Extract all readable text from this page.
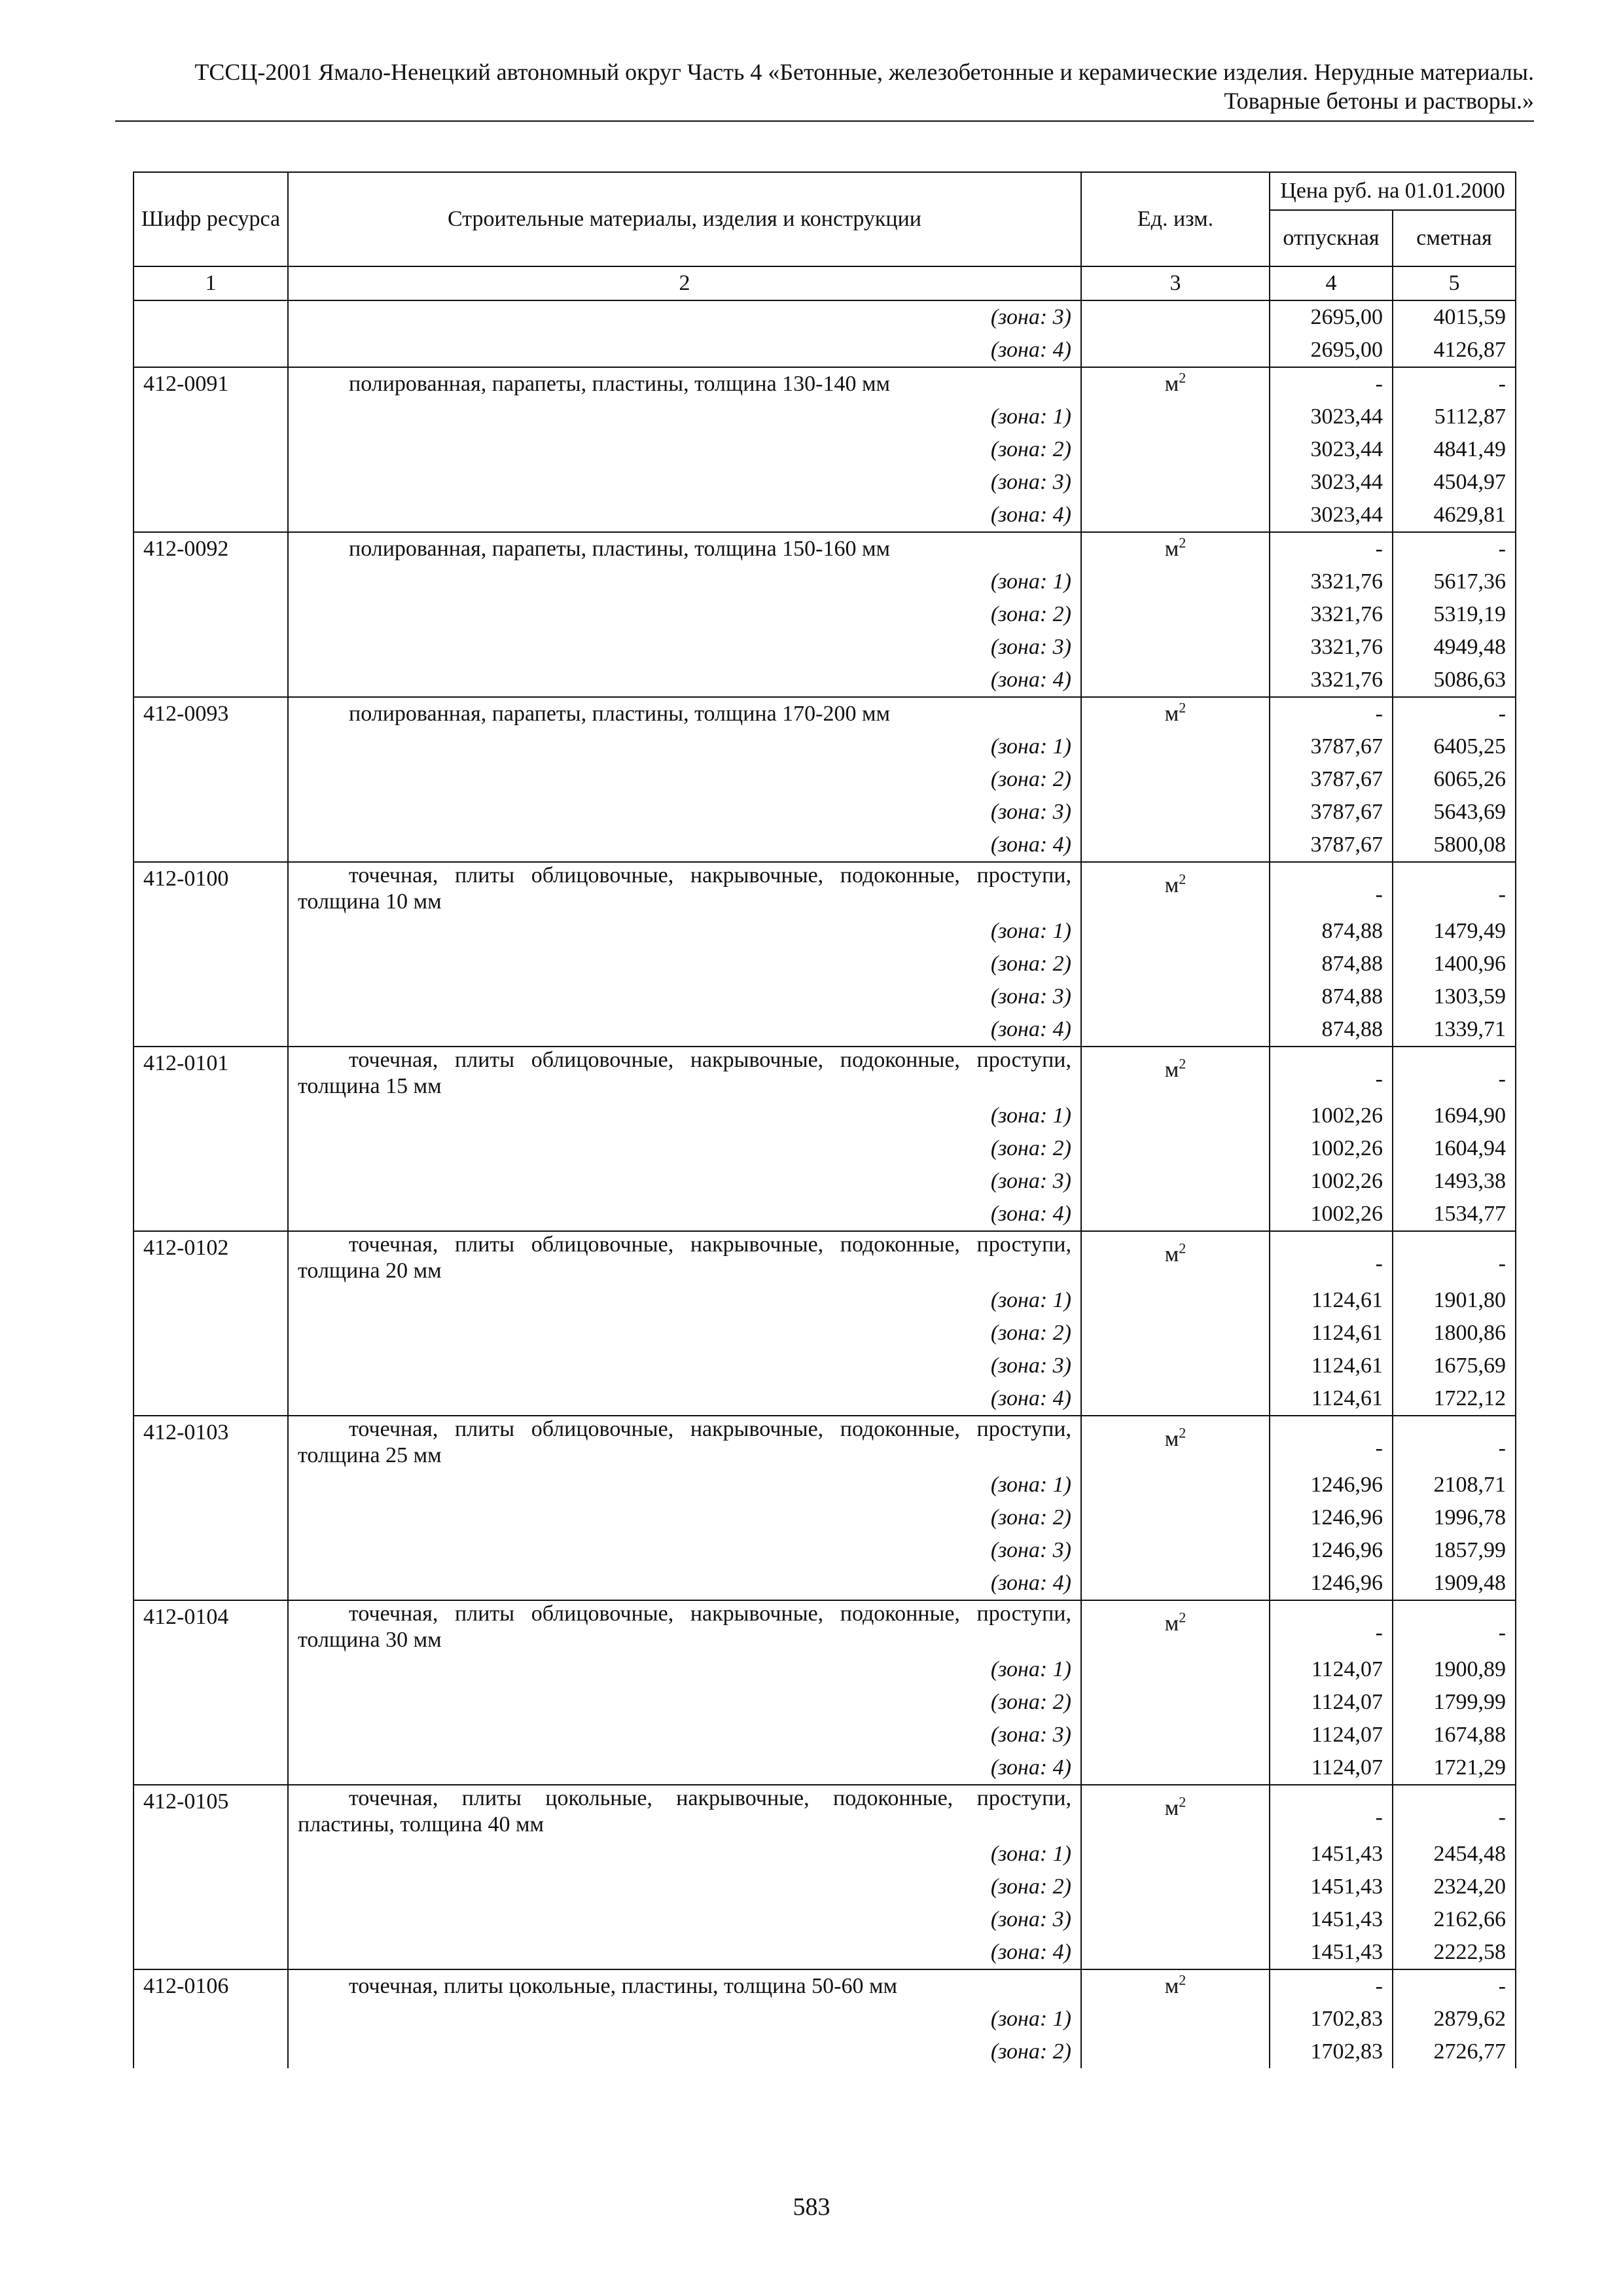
ТССЦ-2001 Ямало-Ненецкий автономный округ Часть 4 «Бетонные, железобетонные и керамические изделия. Нерудные материалы.
Товарные бетоны и растворы.»
Шифр ресурса	Строительные материалы, изделия и конструкции	Ед. изм.	Цена руб. на 01.01.2000	
			отпускная	сметная
1	2	3	4	5
	(зона: 3)		2695,00	4015,59
	(зона: 4)		2695,00	4126,87
412-0091	полированная, парапеты, пластины, толщина 130-140 мм	$м^2$	-	-
	(зона: 1)		3023,44	5112,87
	(зона: 2)		3023,44	4841,49
	(зона: 3)		3023,44	4504,97
	(зона: 4)		3023,44	4629,81
412-0092	полированная, парапеты, пластины, толщина 150-160 мм	$м^2$	-	-
	(зона: 1)		3321,76	5617,36
	(зона: 2)		3321,76	5319,19
	(зона: 3)		3321,76	4949,48
	(зона: 4)		3321,76	5086,63
412-0093	полированная, парапеты, пластины, толщина 170-200 мм	$м^2$	-	-
	(зона: 1)		3787,67	6405,25
	(зона: 2)		3787,67	6065,26
	(зона: 3)		3787,67	5643,69
	(зона: 4)		3787,67	5800,08
412-0100	точечная, плиты облицовочные, накрывочные, подоконные, проступи, толщина 10 мм	$м^2$	-	-
	(зона: 1)		874,88	1479,49
	(зона: 2)		874,88	1400,96
	(зона: 3)		874,88	1303,59
	(зона: 4)		874,88	1339,71
412-0101	точечная, плиты облицовочные, накрывочные, подоконные, проступи, толщина 15 мм	$м^2$	-	-
	(зона: 1)		1002,26	1694,90
	(зона: 2)		1002,26	1604,94
	(зона: 3)		1002,26	1493,38
	(зона: 4)		1002,26	1534,77
412-0102	точечная, плиты облицовочные, накрывочные, подоконные, проступи, толщина 20 мм	$м^2$	-	-
	(зона: 1)		1124,61	1901,80
	(зона: 2)		1124,61	1800,86
	(зона: 3)		1124,61	1675,69
	(зона: 4)		1124,61	1722,12
412-0103	точечная, плиты облицовочные, накрывочные, подоконные, проступи, толщина 25 мм	$м^2$	-	-
	(зона: 1)		1246,96	2108,71
	(зона: 2)		1246,96	1996,78
	(зона: 3)		1246,96	1857,99
	(зона: 4)		1246,96	1909,48
412-0104	точечная, плиты облицовочные, накрывочные, подоконные, проступи, толщина 30 мм	$м^2$	-	-
	(зона: 1)		1124,07	1900,89
	(зона: 2)		1124,07	1799,99
	(зона: 3)		1124,07	1674,88
	(зона: 4)		1124,07	1721,29
412-0105	точечная, плиты цокольные, накрывочные, подоконные, проступи, пластины, толщина 40 мм	$м^2$	-	-
	(зона: 1)		1451,43	2454,48
	(зона: 2)		1451,43	2324,20
	(зона: 3)		1451,43	2162,66
	(зона: 4)		1451,43	2222,58
412-0106	точечная, плиты цокольные, пластины, толщина 50-60 мм	$м^2$	-	-
	(зона: 1)		1702,83	2879,62
	(зона: 2)		1702,83	2726,77
583
